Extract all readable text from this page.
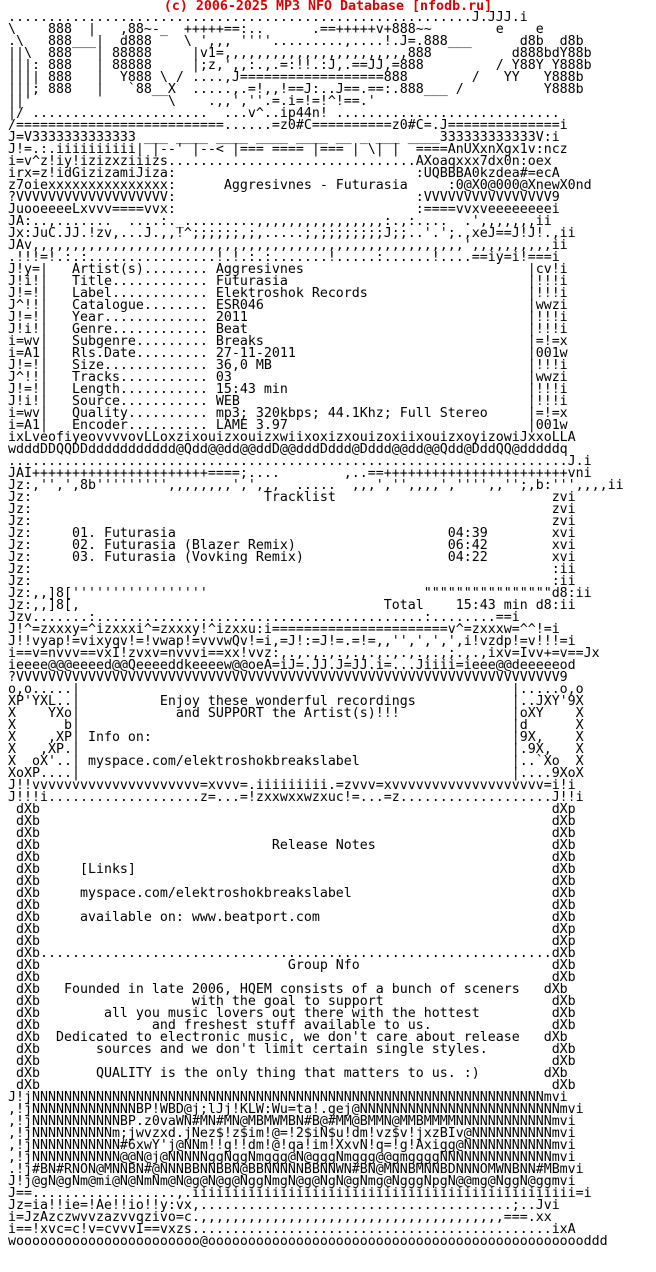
(c) 2006-2025 MP3 NFO Database [nfodb.ru]
..........................................................J.JJJ.i
\    888  |   ,88~-_  +++++==:..      .==+++++v+888~~        e    e
.\   888___|  d888    \ ',,, ''''.........,....!.J=.888___      d8b  d8b
||\  888   | 88888     |v1=,,,,,,,,,,,,,,,,,,,,,,,888          d888bdY88b
|||: 888   | 88888     |;z,',,:.,.=:!!.:J,.==JJ,=888         / Y88Y Y888b
|||| 888   |  Y888 \ / ....,J==================888        /   YY   Y888b
|||; 888   |   `88__X  .....,.=!,,!==J:..J==.==:.888___ /          Y888b
||'                 \    .,,',''.=.i=!=!^!==.'
|/ ......................  ...v^..ip44n! ............................
/==========================......=z0#C==========z0#C=.J==============i
J=V3333333333333 ___ ____ ____ ____ ____ __ _ ___ ____333333333333V:i
J!=.:.iiiiiiiiii| |--' |--< |=== ==== |=== | \| |  ====AnUXxnXgx1v:ncz
i=v^z!iy!izizxziiizs...............................AXoaqxxx7dx0n:oex
irx=z!idGizizamiJiza:                              :UQBBBA0kzdea#=ecA
z7oiexxxxxxxxxxxxxxx:      Aggresivnes - Futurasia     :0@X0@000@XnewX0nd
?VVVVVVVVVVVVVVVVVVV:                              :VVVVVVVVVVVVVVVV9
JuooeeeeLxvvv====vvx:                              :====vvxveeeeeeeei
JA:..,.......  ....:._.........,,,,,,,,,,,,,,,,:.,:....  .',,,,,,,ii
Jx:JuC.JJ.!zv,...J.,,!^;;;;;;,;,.....;,;;;;;;;;J;;..'.';.,xeJ==J!J!.,ii
JAv,,,,,,,,,,,,,,,,,,,,,,,,,,,,,,,,,,,,,,,,,,,,,,,,,,,,,,',,,,,,,,,,ii
.!!!=!.:.:................!.!.:.:.......!.....:......!....==iy=i!===i
J!y=|   Artist(s)........ Aggresivnes                            |cv!i
J!i!|   Title............ Futurasia                              |!!!i
J!=!|   Label............ Elektroshok Records                    |!!!i
J^!!|   Catalogue........ ESR046                                 |wwzi
J!=!|   Year............. 2011                                   |!!!i
J!i!|   Genre............ Beat                                   |!!!i
i=wv|   Subgenre......... Breaks                                 |=!=x
i=A1|   Rls.Date......... 27-11-2011                             |001w
J!=!|   Size............. 36,0 MB                                |!!!i
J^!!|   Tracks........... 03                                     |wwzi
J!=!|   Length........... 15:43 min                              |!!!i
J!i!|   Source........... WEB                                    |!!!i
i=wv|   Quality.......... mp3; 320kbps; 44.1Khz; Full Stereo     |=!=x
i=A1|   Encoder.......... LAME 3.97                              |001w
ixLveofiyeovvvvovLLoxzixouizxouizxwiixoxizxouizoxiixouizxoyizowiJxxoLLA
wdddDDQQDDddddddddddd@Qdd@@dd@@ddD@@dddDddd@Dddd@@dd@@Qdd@DddQQ@dddddq
......................................................................J.i
JAI++++++++++++++++++++++====;....        ,..==+++++++++++++++++++++++vni
Jz:,'',',8b''''''''',,,,,,,,',',,,  .....  ,,,','',,,,','''',,'';,b:''',,,,ii
Jz:                             Tracklist                           zvi
Jz:                                                                 zvi
Jz:                                                                 zvi
Jz:     01. Futurasia                                  04:39        xvi
Jz:     02. Futurasia (Blazer Remix)                   06:42        xvi
Jz:     03. Futurasia (Vovking Remix)                  04:22        xvi
Jz:                                                                 :ii
Jz:                                                                 :ii
Jz:,,]8['''''''''''''''''                           """"""""""""""""d8:ii
Jz:,,]8[,                                      Total    15:43 min d8:ii
Jzv.......:.........................................:........==i
J!^=zxxxy=^izxxxi^=zxxxy!^izxxu:i======================v^=zxxxw=^^!=i
J!!vyap!=vixyqv!=!vwap!=vvvwQv!=i,=J!:=J!=.=!=,,'',',',',i!vzdp!=v!!!=i
i==v=nvvv==vxI!zvxv=nvvvi==xx!vvz:,.,.,.,.,.,.,.,.,.,.,;.,.,ixv=Ivv+=v==Jx
ieeee@@@eeeed@@Qeeeeddkeeeew@@oeA=iJ=.JJ.J=JJ.i=...Jiiii=ieee@@deeeeeod
?VVVVVVVVVVVVVVVVVVVVVVVVVVVVVVVVVVVVVVVVVVVVVVVVVVVVVVVVVVVVVVVVVVVV9
o,o.....|                                                      |.....o,o
XP'YXL..|          Enjoy these wonderful recordings            |..JXY'9X
X    YXo|            and SUPPORT the Artist(s)!!!              |oXY    X
X      b|                                                      |d      X
X    ,XP| Info on:                                             |9X,    X
X   ,XP.|                                                      |.9X,   X
X  oX'..| myspace.com/elektroshokbreakslabel                   |..`Xo  X
XoXP....|                                                      |....9XoX
J!!vvvvvvvvvvvvvvvvvvvvv=xvvv=.iiiiiiiii.=zvvv=xvvvvvvvvvvvvvvvvvvv=i!i
J!!!i...................z=...=!zxxwxxwzxuc!=...=z...................J!!i
dXb                                                                dXp
dXb                                                                dXb
dXb                                                                dXb
dXb                             Release Notes                      dXb
dXb                                                                dXb
dXb     [Links]                                                    dXb
dXb                                                                dXb
dXb     myspace.com/elektroshokbreakslabel                         dXb
dXb                                                                dXb
dXb     available on: www.beatport.com                             dXb
dXb                                                                dXp
dXb                                                                dXp
dXb................................................................dXb
dXb                               Group Nfo                        dXb
dXb                                                                dXb
dXb   Founded in late 2006, HQEM consists of a bunch of sceners   dXb
dXb                   with the goal to support                     dXb
dXb        all you music lovers out there with the hottest         dXb
dXb              and freshest stuff available to us.               dXb
dXb  Dedicated to electronic music, we don't care about release   dXb
dXb       sources and we don't limit certain single styles.        dXb
dXb                                                                dXb
dXb       QUALITY is the only thing that matters to us. :)        dXb
dXb                                                                dXb
J!jNNNNNNNNNNNNNNNNNNNNNNNNNNNNNNNNNNNNNNNNNNNNNNNNNNNNNNNNNNNNNNNNmvi
,!jNNNNNNNNNNNNNBP!WBD@j;lJj!KLW:Wu=ta!.gej@NNNNNNNNNNNNNNNNNNNNNNNNNmvi
,!jNNNNNNNNNNNBP.z0vaWN#MN#MN@MBMWMBN#B@#MM@BMMN@MMBMMMMNNNNNNNNNNNNmvi
,!jNNNNNNNNNNm;jwvzxd.jNez$!z$im!@=!2$iN$u!dm!vz$v!jxzBIv@NNNNNNNNNNmvi
,!jNNNNNNNNNNN#6xwY'j@NNm!!g!!dm!@!qa!im!XxvN!q=!g!Axigg@NNNNNNNNNNNmvi
,!jNNNNNNNNNNN@@N@j@NNNNNggNggNmggg@N@gggNmggg@@gmggggNNNNNNNNNNNNNNmvi
.!j#BN#RNON@MNNBN#@NNNBBNNBBN@BBNNNNNBBNNWN#BN@MNNBMNNBDNNNOMWNBNN#MBmvi
J!j@gN@gNm@mi@N@NmNm@N@g@N@g@NggNmgN@g@NgN@gNmg@NgggNpgN@@mg@NggN@ggmvi
J==..................,.iiiiiiiiiiiiiiiiiiiiiiiiiiiiiiiiiiiiiiiiiiiiiiii=i
Jz=ia!!ie=!Ae!!io!!y:vx,.......................................;..Jvi
i=JzAzczwvvzazvvqzivo=c.,,,,,,,,,,,,,,,,,,,,,,,,,,,,,,,,,,,,,,===.xx
i==!xvc=c!v=cvvvI==vxzs.............................................ixA
wooooooooooooooooooooooo@oooooooooooooooooooooooooooooooooooooooooooooooddd
